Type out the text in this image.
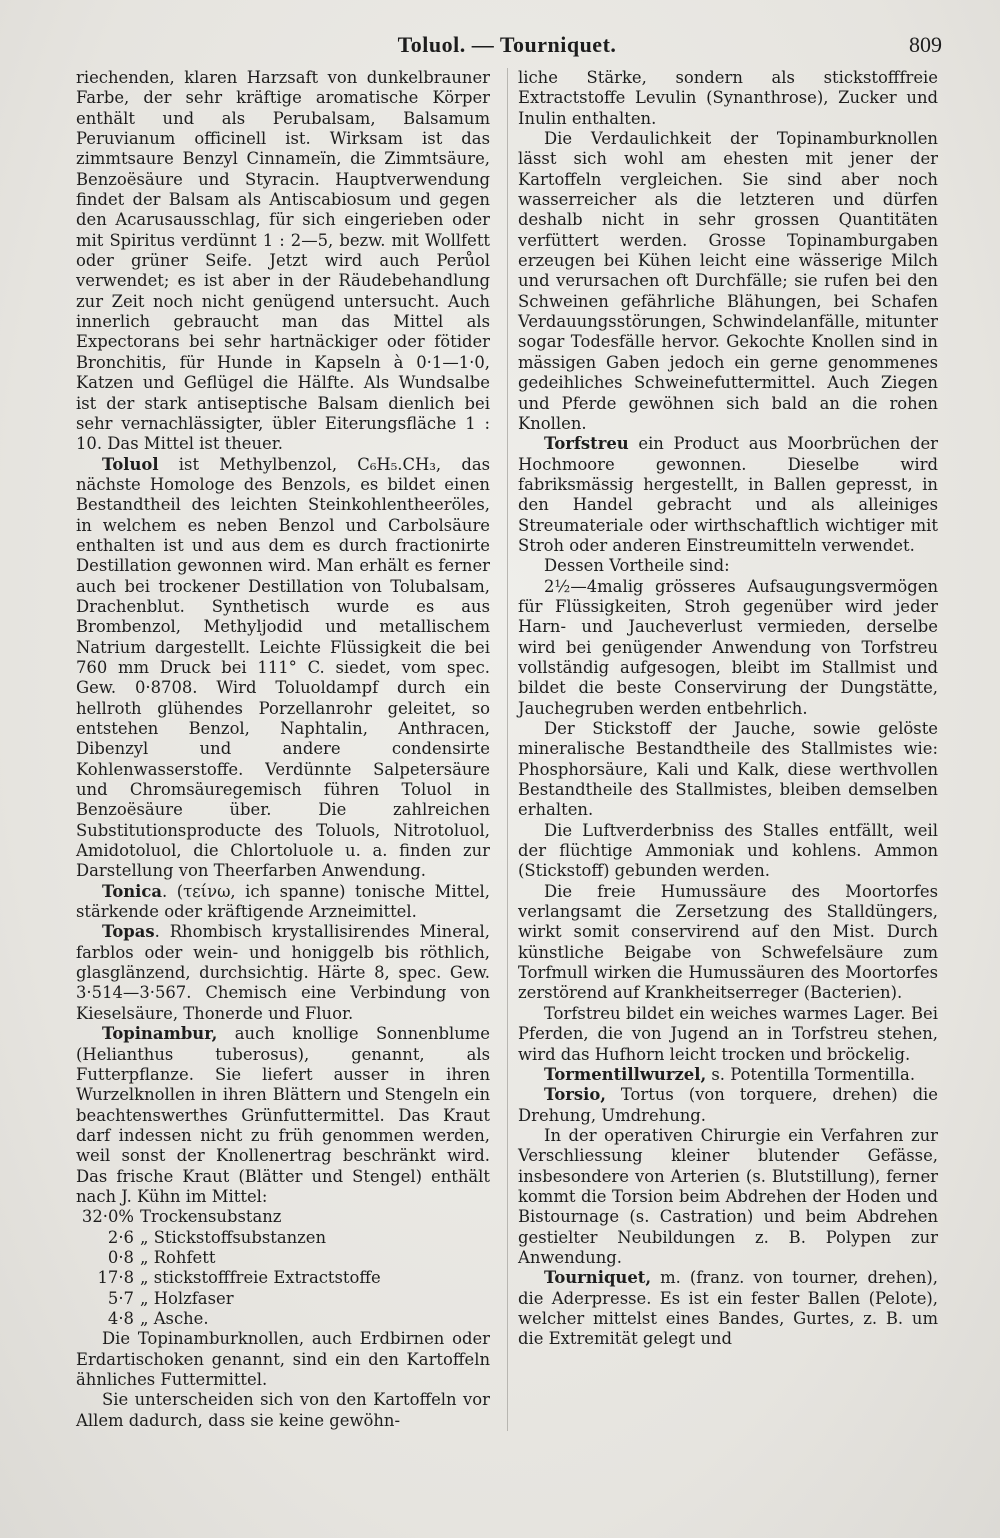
Toluol. — Tourniquet.	809

riechenden, klaren Harzsaft von dunkelbrauner Farbe, der sehr kräftige aromatische Körper enthält und als Perubalsam, Balsamum Peruvianum officinell ist. Wirksam ist das zimmtsaure Benzyl Cinnameïn, die Zimmtsäure, Benzoësäure und Styracin. Hauptverwendung findet der Balsam als Antiscabiosum und gegen den Acarusausschlag, für sich eingerieben oder mit Spiritus verdünnt 1 : 2—5, bezw. mit Wollfett oder grüner Seife. Jetzt wird auch Perůol verwendet; es ist aber in der Räudebehandlung zur Zeit noch nicht genügend untersucht. Auch innerlich gebraucht man das Mittel als Expectorans bei sehr hartnäckiger oder fötider Bronchitis, für Hunde in Kapseln à 0·1—1·0, Katzen und Geflügel die Hälfte. Als Wundsalbe ist der stark antiseptische Balsam dienlich bei sehr vernachlässigter, übler Eiterungsfläche 1 : 10. Das Mittel ist theuer.

Toluol ist Methylbenzol, C₆H₅.CH₃, das nächste Homologe des Benzols, es bildet einen Bestandtheil des leichten Steinkohlentheeröles, in welchem es neben Benzol und Carbolsäure enthalten ist und aus dem es durch fractionirte Destillation gewonnen wird. Man erhält es ferner auch bei trockener Destillation von Tolubalsam, Drachenblut. Synthetisch wurde es aus Brombenzol, Methyljodid und metallischem Natrium dargestellt. Leichte Flüssigkeit die bei 760 mm Druck bei 111° C. siedet, vom spec. Gew. 0·8708. Wird Toluoldampf durch ein hellroth glühendes Porzellanrohr geleitet, so entstehen Benzol, Naphtalin, Anthracen, Dibenzyl und andere condensirte Kohlenwasserstoffe. Verdünnte Salpetersäure und Chromsäuregemisch führen Toluol in Benzoësäure über. Die zahlreichen Substitutionsproducte des Toluols, Nitrotoluol, Amidotoluol, die Chlortoluole u. a. finden zur Darstellung von Theerfarben Anwendung.

Tonica. (τείνω, ich spanne) tonische Mittel, stärkende oder kräftigende Arzneimittel.

Topas. Rhombisch krystallisirendes Mineral, farblos oder wein- und honiggelb bis röthlich, glasglänzend, durchsichtig. Härte 8, spec. Gew. 3·514—3·567. Chemisch eine Verbindung von Kieselsäure, Thonerde und Fluor.

Topinambur, auch knollige Sonnenblume (Helianthus tuberosus), genannt, als Futterpflanze. Sie liefert ausser in ihren Wurzelknollen in ihren Blättern und Stengeln ein beachtenswerthes Grünfuttermittel. Das Kraut darf indessen nicht zu früh genommen werden, weil sonst der Knollenertrag beschränkt wird. Das frische Kraut (Blätter und Stengel) enthält nach J. Kühn im Mittel:

32·0% Trockensubstanz
2·6 „ Stickstoffsubstanzen
0·8 „ Rohfett
17·8 „ stickstofffreie Extractstoffe
5·7 „ Holzfaser
4·8 „ Asche.

Die Topinamburknollen, auch Erdbirnen oder Erdartischoken genannt, sind ein den Kartoffeln ähnliches Futtermittel.

Sie unterscheiden sich von den Kartoffeln vor Allem dadurch, dass sie keine gewöhn-

liche Stärke, sondern als stickstofffreie Extractstoffe Levulin (Synanthrose), Zucker und Inulin enthalten.

Die Verdaulichkeit der Topinamburknollen lässt sich wohl am ehesten mit jener der Kartoffeln vergleichen. Sie sind aber noch wasserreicher als die letzteren und dürfen deshalb nicht in sehr grossen Quantitäten verfüttert werden. Grosse Topinamburgaben erzeugen bei Kühen leicht eine wässerige Milch und verursachen oft Durchfälle; sie rufen bei den Schweinen gefährliche Blähungen, bei Schafen Verdauungsstörungen, Schwindelanfälle, mitunter sogar Todesfälle hervor. Gekochte Knollen sind in mässigen Gaben jedoch ein gerne genommenes gedeihliches Schweinefuttermittel. Auch Ziegen und Pferde gewöhnen sich bald an die rohen Knollen.

Torfstreu ein Product aus Moorbrüchen der Hochmoore gewonnen. Dieselbe wird fabriksmässig hergestellt, in Ballen gepresst, in den Handel gebracht und als alleiniges Streumateriale oder wirthschaftlich wichtiger mit Stroh oder anderen Einstreumitteln verwendet.

Dessen Vortheile sind:

2½—4malig grösseres Aufsaugungsvermögen für Flüssigkeiten, Stroh gegenüber wird jeder Harn- und Jaucheverlust vermieden, derselbe wird bei genügender Anwendung von Torfstreu vollständig aufgesogen, bleibt im Stallmist und bildet die beste Conservirung der Dungstätte, Jauchegruben werden entbehrlich.

Der Stickstoff der Jauche, sowie gelöste mineralische Bestandtheile des Stallmistes wie: Phosphorsäure, Kali und Kalk, diese werthvollen Bestandtheile des Stallmistes, bleiben demselben erhalten.

Die Luftverderbniss des Stalles entfällt, weil der flüchtige Ammoniak und kohlens. Ammon (Stickstoff) gebunden werden.

Die freie Humussäure des Moortorfes verlangsamt die Zersetzung des Stalldüngers, wirkt somit conservirend auf den Mist. Durch künstliche Beigabe von Schwefelsäure zum Torfmull wirken die Humussäuren des Moortorfes zerstörend auf Krankheitserreger (Bacterien).

Torfstreu bildet ein weiches warmes Lager. Bei Pferden, die von Jugend an in Torfstreu stehen, wird das Hufhorn leicht trocken und bröckelig.

Tormentillwurzel, s. Potentilla Tormentilla.

Torsio, Tortus (von torquere, drehen) die Drehung, Umdrehung.

In der operativen Chirurgie ein Verfahren zur Verschliessung kleiner blutender Gefässe, insbesondere von Arterien (s. Blutstillung), ferner kommt die Torsion beim Abdrehen der Hoden und Bistournage (s. Castration) und beim Abdrehen gestielter Neubildungen z. B. Polypen zur Anwendung.

Tourniquet, m. (franz. von tourner, drehen), die Aderpresse. Es ist ein fester Ballen (Pelote), welcher mittelst eines Bandes, Gurtes, z. B. um die Extremität gelegt und
